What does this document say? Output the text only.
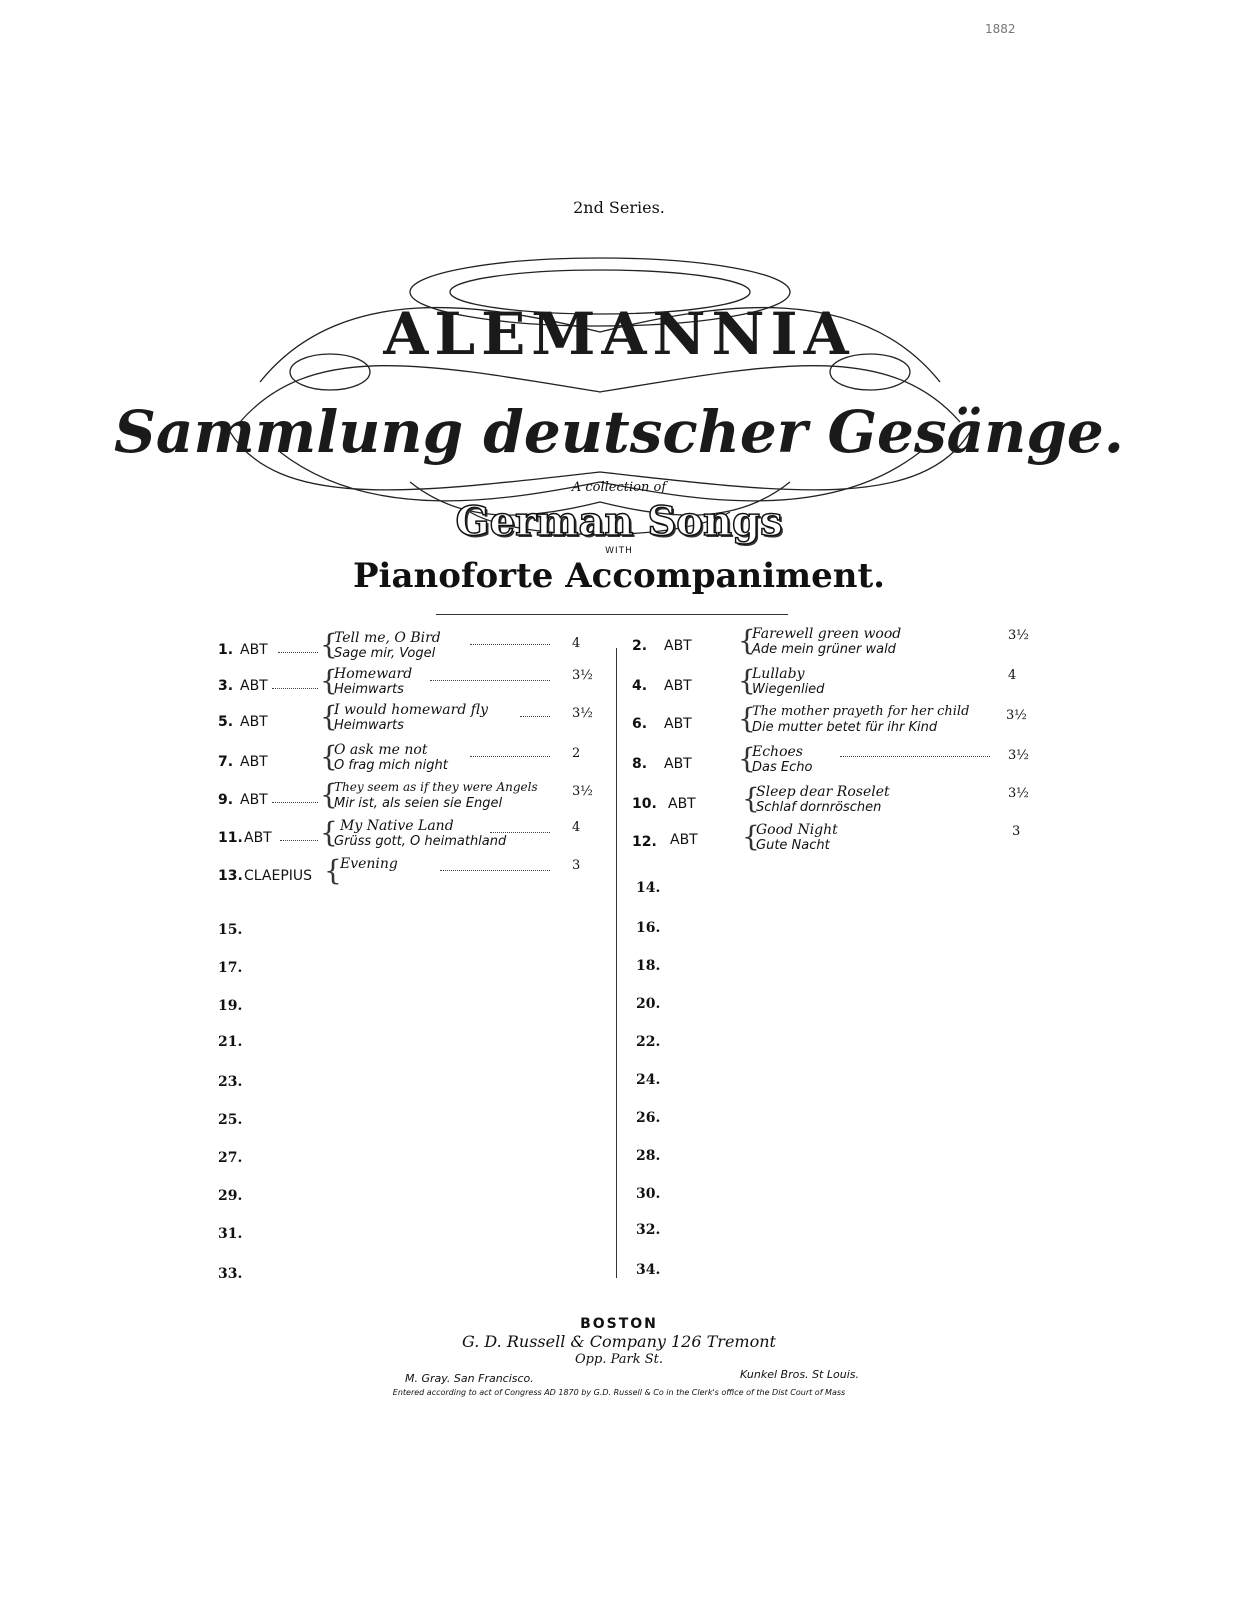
1882
2nd Series.
ALEMANNIA
Sammlung deutscher Gesänge.
A collection of
German Songs
WITH
Pianoforte Accompaniment.
1. ABT {
Tell me, O Bird
Sage mir, Vogel
4
3. ABT {
Homeward
Heimwarts
3½
5. ABT {
I would homeward fly
Heimwarts
3½
7. ABT {
O ask me not
O frag mich night
2
9. ABT {
They seem as if they were Angels
Mir ist, als seien sie Engel
3½
11. ABT { My Native Land
Grüss gott, O heimathland
4
13. CLAEPIUS {
Evening	3
2. ABT {
Farewell green wood
Ade mein grüner wald
3½
4. ABT {
Lullaby
Wiegenlied
4
6. ABT {
The mother prayeth for her child
Die mutter betet für ihr Kind
3½
8. ABT {
Echoes
Das Echo
3½
10. ABT {
Sleep dear Roselet
Schlaf dornröschen
3½
12. ABT {
Good Night
Gute Nacht
3
15.
17.
19.
21.
23.
25.
27.
29.
31.
33.
14.
16.
18.
20.
22.
24.
26.
28.
30.
32.
34.
BOSTON
G. D. Russell & Company 126 Tremont
Opp. Park St.
M. Gray. San Francisco.	Kunkel Bros. St Louis.
Entered according to act of Congress AD 1870 by G.D. Russell & Co in the Clerk's office of the Dist Court of Mass
